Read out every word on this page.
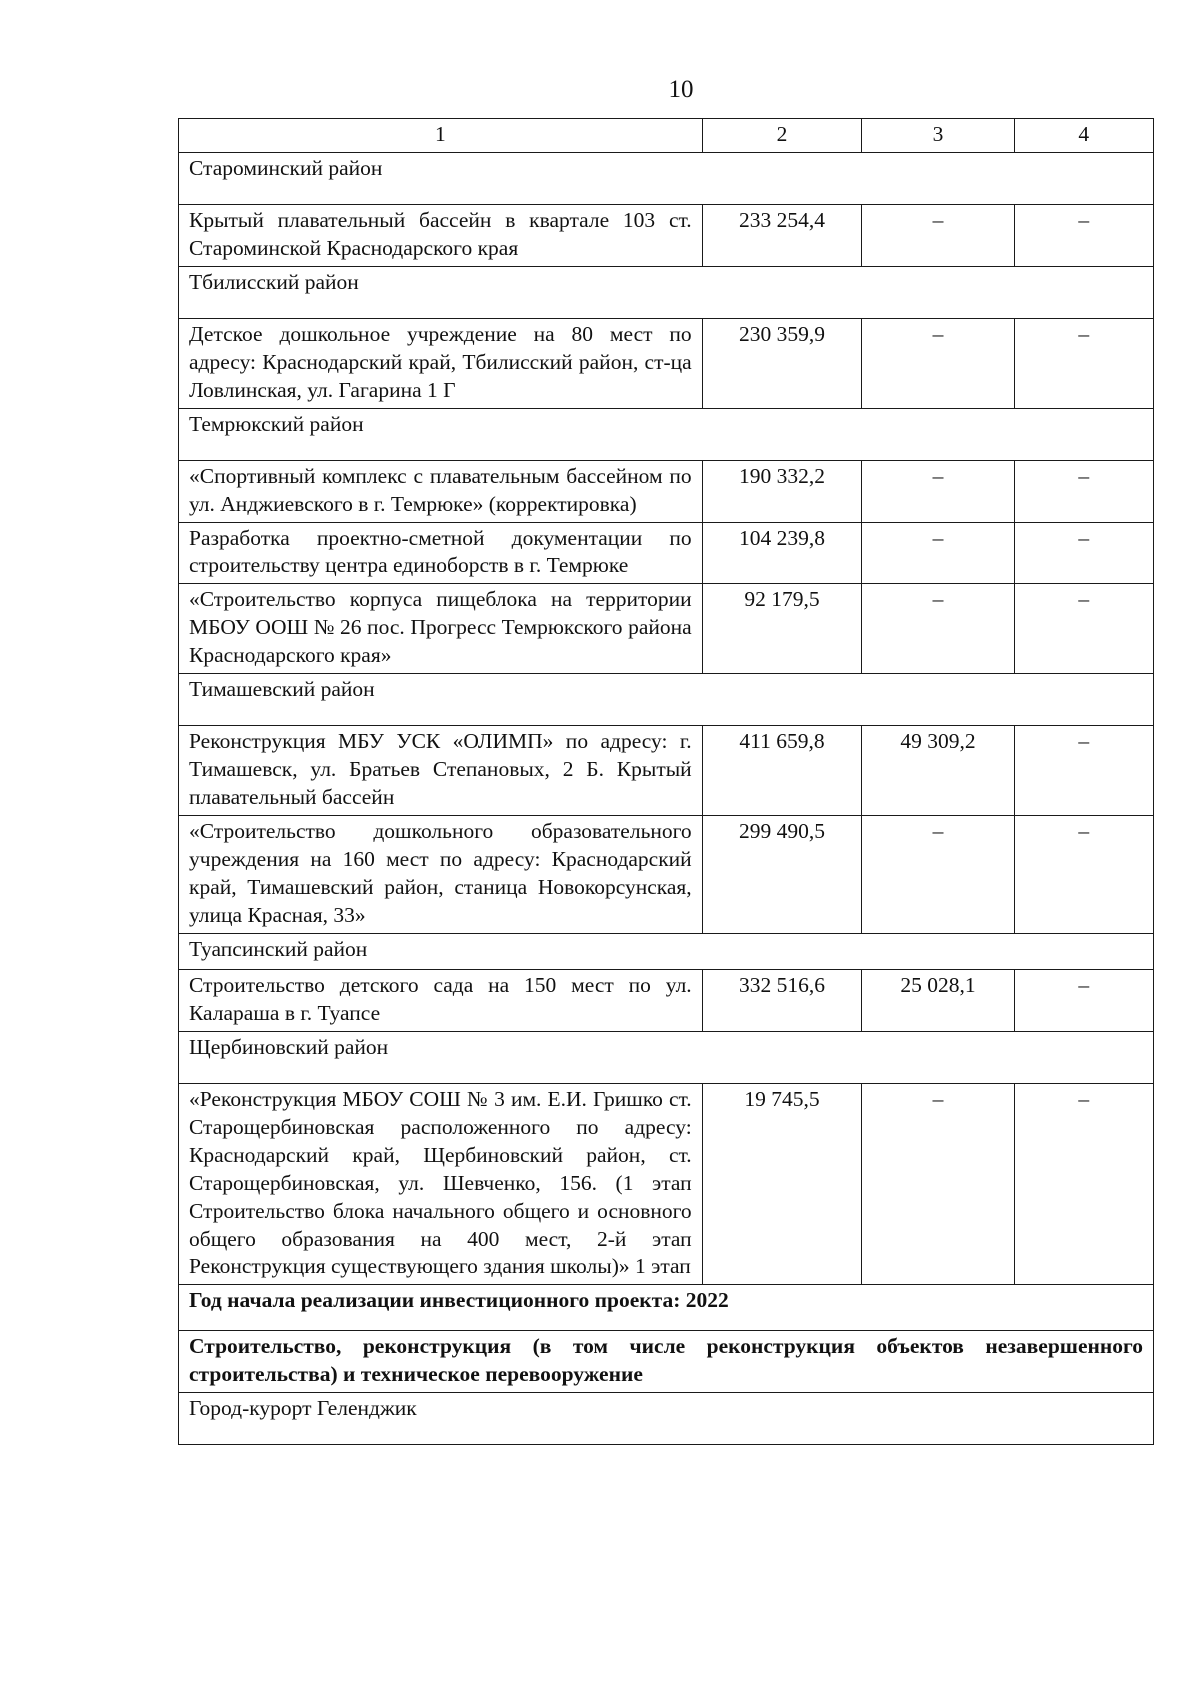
10
1	2	3	4
Староминский район			
Крытый плавательный бассейн в квартале 103 ст. Староминской Краснодарского края	233 254,4	–	–
Тбилисский район			
Детское дошкольное учреждение на 80 мест по адресу: Краснодарский край, Тбилисский район, ст-ца Ловлинская, ул. Гагарина 1 Г	230 359,9	–	–
Темрюкский район			
«Спортивный комплекс с плавательным бассейном по ул. Анджиевского в г. Темрюке» (корректировка)	190 332,2	–	–
Разработка проектно-сметной документации по строительству центра единоборств в г. Темрюке	104 239,8	–	–
«Строительство корпуса пищеблока на территории МБОУ ООШ № 26 пос. Прогресс Темрюкского района Краснодарского края»	92 179,5	–	–
Тимашевский район			
Реконструкция МБУ УСК «ОЛИМП» по адресу: г. Тимашевск, ул. Братьев Степановых, 2 Б. Крытый плавательный бассейн	411 659,8	49 309,2	–
«Строительство дошкольного образовательного учреждения на 160 мест по адресу: Краснодарский край, Тимашевский район, станица Новокорсунская, улица Красная, 33»	299 490,5	–	–
Туапсинский район			
Строительство детского сада на 150 мест по ул. Калараша в г. Туапсе	332 516,6	25 028,1	–
Щербиновский район			
«Реконструкция МБОУ СОШ № 3 им. Е.И. Гришко ст. Старощербиновская расположенного по адресу: Краснодарский край, Щербиновский район, ст. Старощербиновская, ул. Шевченко, 156. (1 этап Строительство блока начального общего и основного общего образования на 400 мест, 2-й этап Реконструкция существующего здания школы)» 1 этап	19 745,5	–	–
Год начала реализации инвестиционного проекта: 2022			
Строительство, реконструкция (в том числе реконструкция объектов незавершенного строительства) и техническое перевооружение			
Город-курорт Геленджик			
